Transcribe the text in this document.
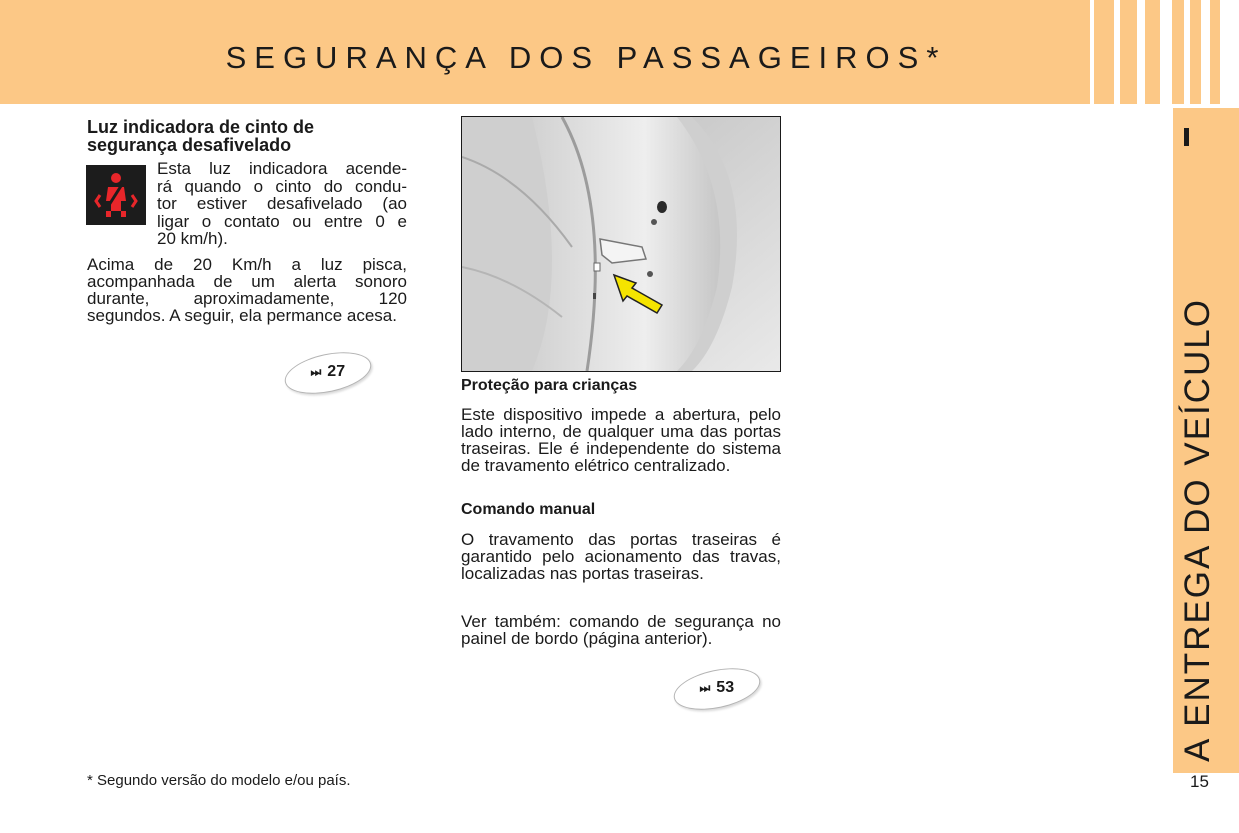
SEGURANÇA DOS PASSAGEIROS*
A ENTREGA DO VEÍCULO
15
Luz indicadora de cinto de segurança desafivelado
Esta luz indicadora acende-
rá quando o cinto do condu-
tor estiver desafivelado (ao
ligar o contato ou entre 0 e
20 km/h).

Acima de 20 Km/h a luz pisca, acompanhada de um alerta sonoro durante, aproximadamente, 120 segundos. A seguir, ela permance acesa.

⏭ 27
Proteção para crianças

Este dispositivo impede a abertura, pelo lado interno, de qualquer uma das portas traseiras. Ele é independente do sistema de travamento elétrico centralizado.

Comando manual

O travamento das portas traseiras é garantido pelo acionamento das travas, localizadas nas portas traseiras.

Ver também: comando de segurança no painel de bordo (página anterior).

⏭ 53
* Segundo versão do modelo e/ou país.
